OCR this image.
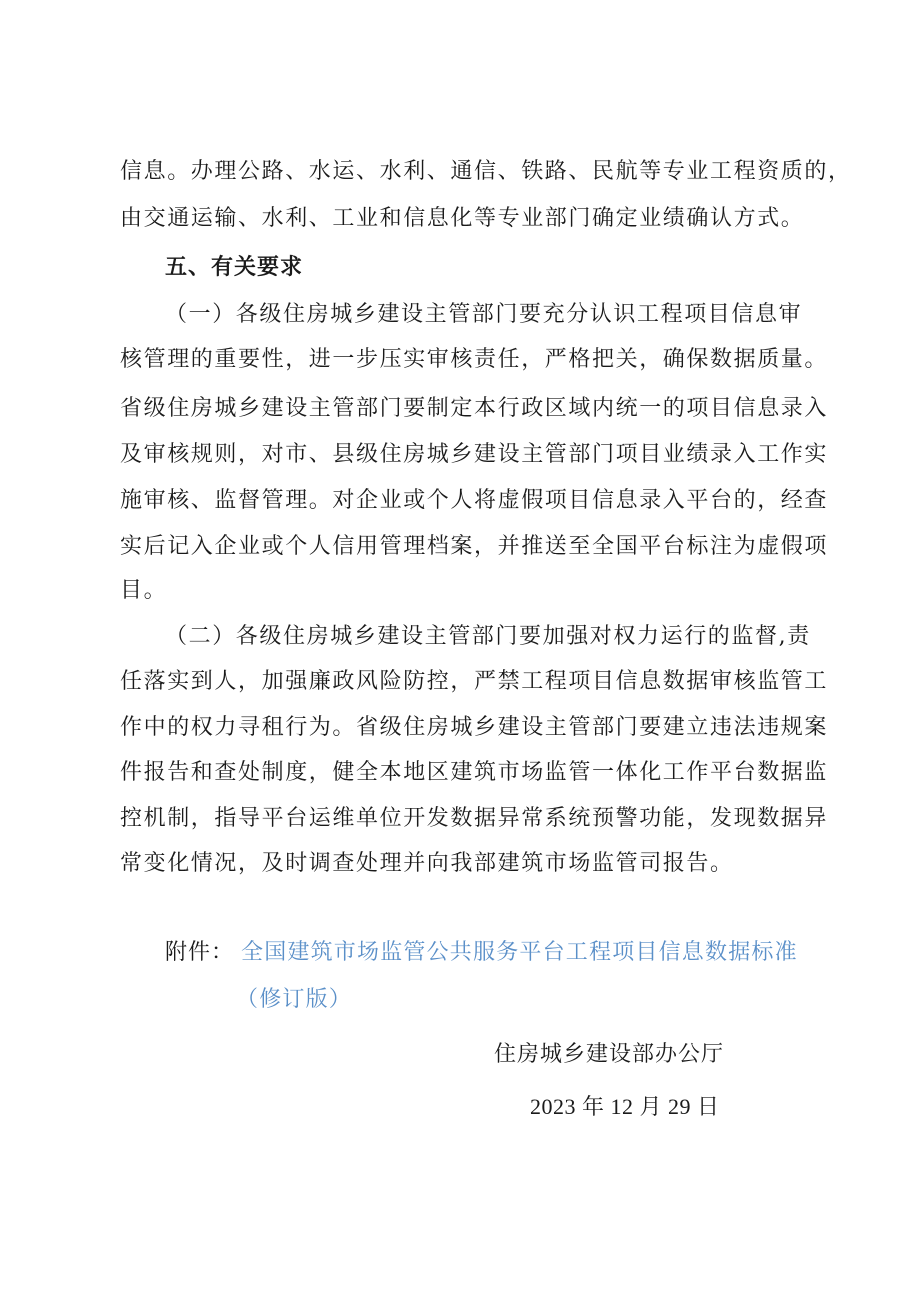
信息。办理公路、水运、水利、通信、铁路、民航等专业工程资质的，
由交通运输、水利、工业和信息化等专业部门确定业绩确认方式。
五、有关要求
（一）各级住房城乡建设主管部门要充分认识工程项目信息审
核管理的重要性，进一步压实审核责任，严格把关，确保数据质量。
省级住房城乡建设主管部门要制定本行政区域内统一的项目信息录入
及审核规则，对市、县级住房城乡建设主管部门项目业绩录入工作实
施审核、监督管理。对企业或个人将虚假项目信息录入平台的，经查
实后记入企业或个人信用管理档案，并推送至全国平台标注为虚假项
目。
（二）各级住房城乡建设主管部门要加强对权力运行的监督,责
任落实到人，加强廉政风险防控，严禁工程项目信息数据审核监管工
作中的权力寻租行为。省级住房城乡建设主管部门要建立违法违规案
件报告和查处制度，健全本地区建筑市场监管一体化工作平台数据监
控机制，指导平台运维单位开发数据异常系统预警功能，发现数据异
常变化情况，及时调查处理并向我部建筑市场监管司报告。
附件： 全国建筑市场监管公共服务平台工程项目信息数据标准
（修订版）
住房城乡建设部办公厅
2023 年 12 月 29 日
